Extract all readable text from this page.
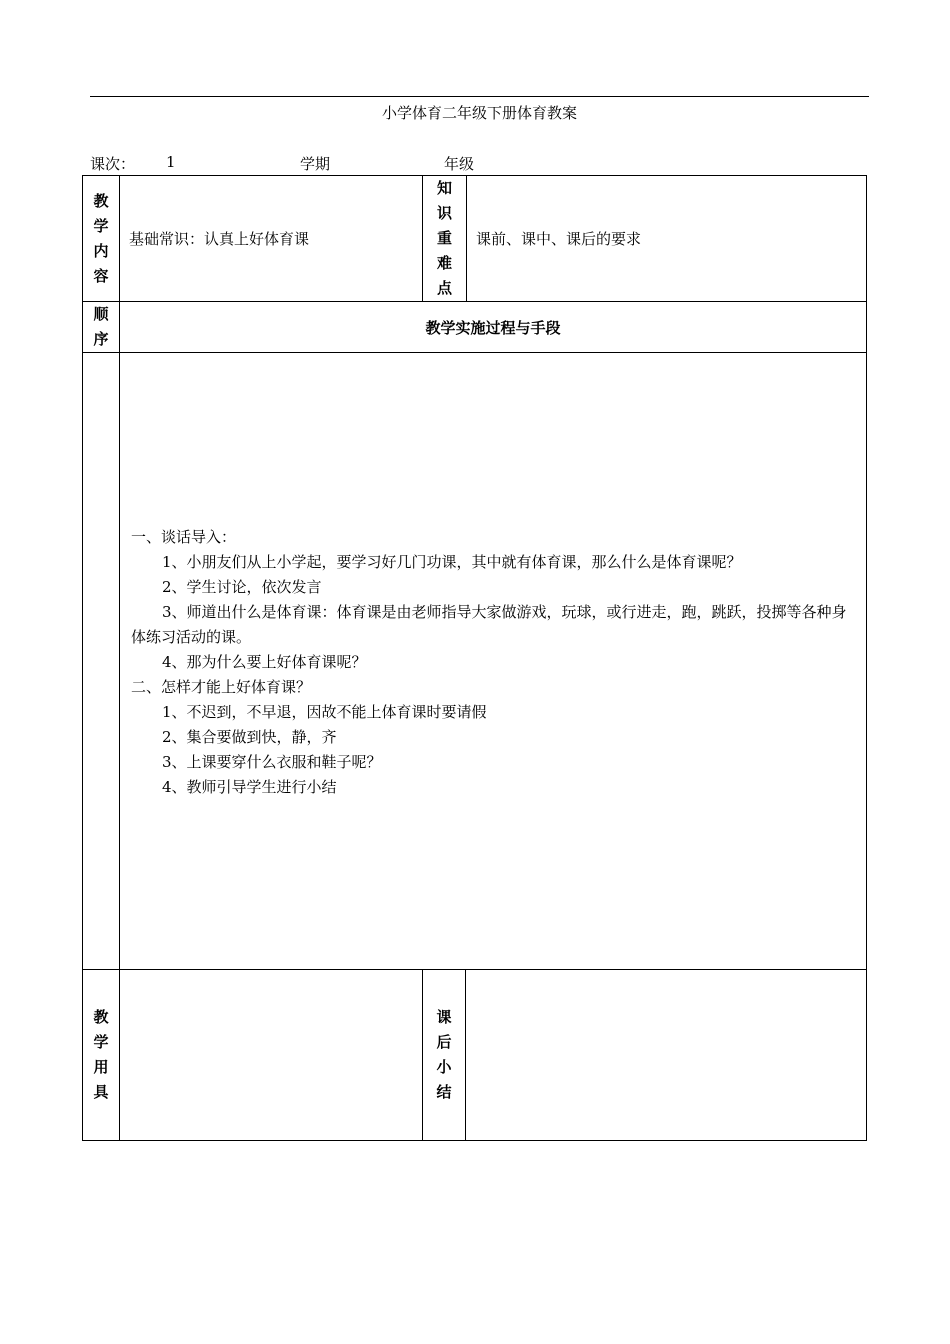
小学体育二年级下册体育教案
课次： 1	学期	年级
教
学
内
容
基础常识：认真上好体育课
知
识
重
难
点
课前、课中、课后的要求
顺
序
教学实施过程与手段

一、谈话导入：

1、小朋友们从上小学起，要学习好几门功课，其中就有体育课，那么什么是体育课呢？

2、学生讨论，依次发言

3、师道出什么是体育课：体育课是由老师指导大家做游戏，玩球，或行进走，跑，跳跃，投掷等各种身体练习活动的课。

4、那为什么要上好体育课呢？

二、怎样才能上好体育课？

1、不迟到，不早退，因故不能上体育课时要请假

2、集合要做到快，静，齐

3、上课要穿什么衣服和鞋子呢？

4、教师引导学生进行小结

教
学
用
具
课
后
小
结
